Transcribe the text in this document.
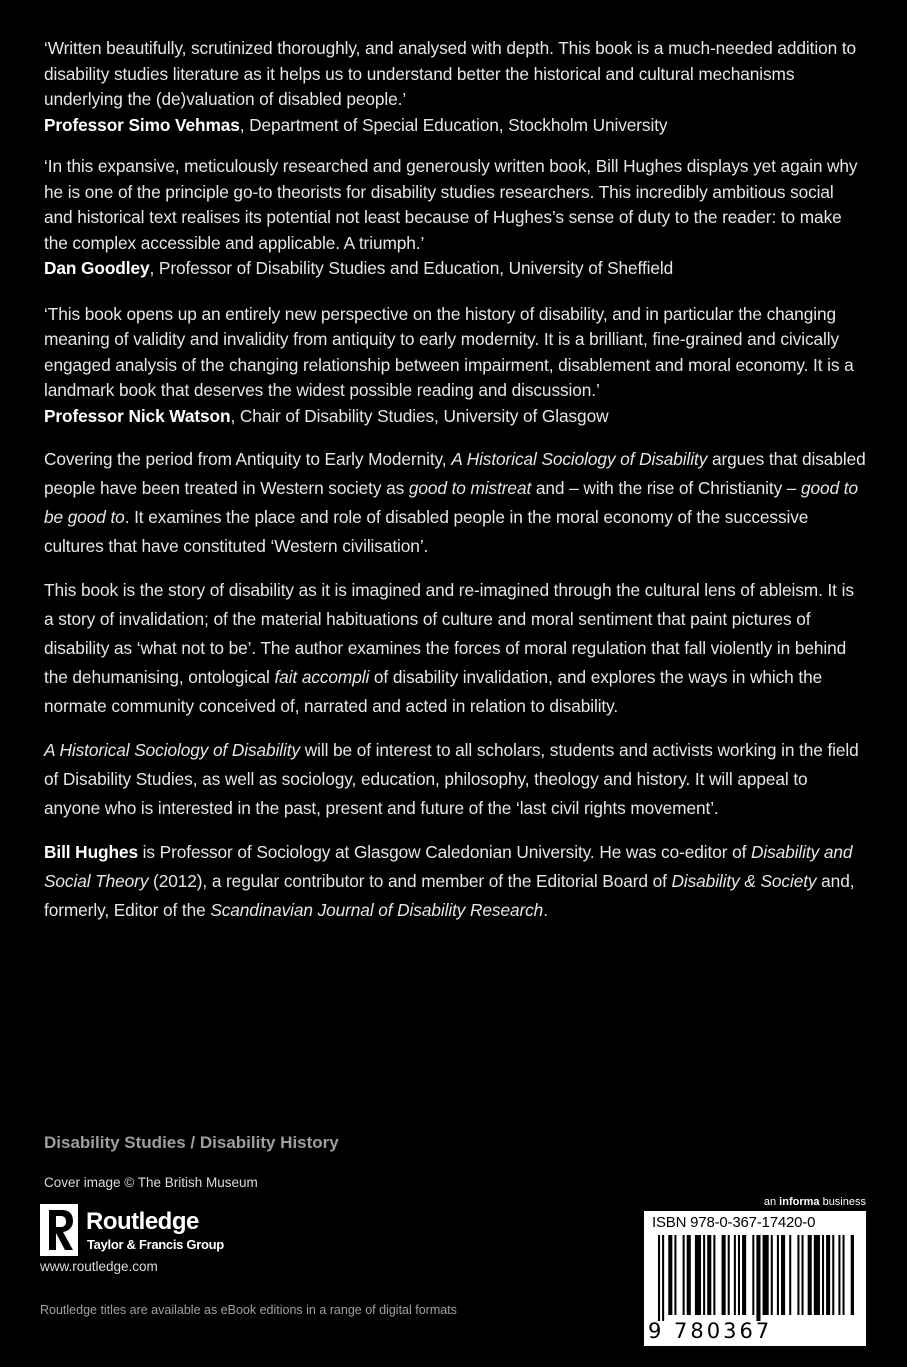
‘Written beautifully, scrutinized thoroughly, and analysed with depth. This book is a much-needed addition to disability studies literature as it helps us to understand better the historical and cultural mechanisms underlying the (de)valuation of disabled people.’
Professor Simo Vehmas, Department of Special Education, Stockholm University
‘In this expansive, meticulously researched and generously written book, Bill Hughes displays yet again why he is one of the principle go-to theorists for disability studies researchers. This incredibly ambitious social and historical text realises its potential not least because of Hughes’s sense of duty to the reader: to make the complex accessible and applicable. A triumph.’
Dan Goodley, Professor of Disability Studies and Education, University of Sheffield
‘This book opens up an entirely new perspective on the history of disability, and in particular the changing meaning of validity and invalidity from antiquity to early modernity. It is a brilliant, fine-grained and civically engaged analysis of the changing relationship between impairment, disablement and moral economy. It is a landmark book that deserves the widest possible reading and discussion.’
Professor Nick Watson, Chair of Disability Studies, University of Glasgow

Covering the period from Antiquity to Early Modernity, A Historical Sociology of Disability argues that disabled people have been treated in Western society as good to mistreat and – with the rise of Christianity – good to be good to. It examines the place and role of disabled people in the moral economy of the successive cultures that have constituted ‘Western civilisation’.

This book is the story of disability as it is imagined and re-imagined through the cultural lens of ableism. It is a story of invalidation; of the material habituations of culture and moral sentiment that paint pictures of disability as ‘what not to be’. The author examines the forces of moral regulation that fall violently in behind the dehumanising, ontological fait accompli of disability invalidation, and explores the ways in which the normate community conceived of, narrated and acted in relation to disability.

A Historical Sociology of Disability will be of interest to all scholars, students and activists working in the field of Disability Studies, as well as sociology, education, philosophy, theology and history. It will appeal to anyone who is interested in the past, present and future of the ‘last civil rights movement’.

Bill Hughes is Professor of Sociology at Glasgow Caledonian University. He was co-editor of Disability and Social Theory (2012), a regular contributor to and member of the Editorial Board of Disability & Society and, formerly, Editor of the Scandinavian Journal of Disability Research.

Disability Studies / Disability History
Cover image © The British Museum
Routledge
Taylor & Francis Group
www.routledge.com
Routledge titles are available as eBook editions in a range of digital formats
an informa business
ISBN 978-0-367-17420-0
9 780367 174200
